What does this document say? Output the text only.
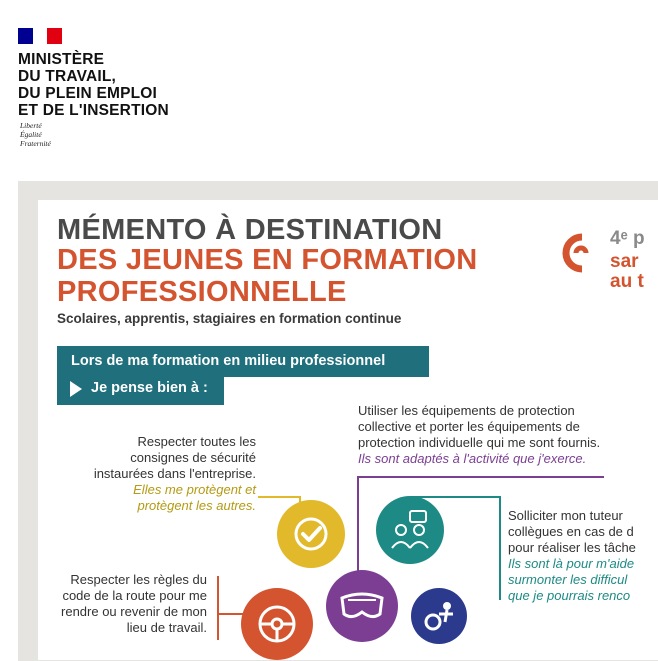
MINISTÈRE
DU TRAVAIL,
DU PLEIN EMPLOI
ET DE L'INSERTION
Liberté
Égalité
Fraternité
MÉMENTO À DESTINATION
DES JEUNES EN FORMATION
PROFESSIONNELLE
Scolaires, apprentis, stagiaires en formation continue
4ᵉ p
sar
au t
Lors de ma formation en milieu professionnel
Je pense bien à :
Utiliser les équipements de protection
collective et porter les équipements de
protection individuelle qui me sont fournis.
Ils sont adaptés à l'activité que j'exerce.
Respecter toutes les
consignes de sécurité
instaurées dans l'entreprise.
Elles me protègent et
protègent les autres.
Solliciter mon tuteur
collègues en cas de d
pour réaliser les tâche
Ils sont là pour m'aide
surmonter les difficul
que je pourrais renco
Respecter les règles du
code de la route pour me
rendre ou revenir de mon
lieu de travail.
